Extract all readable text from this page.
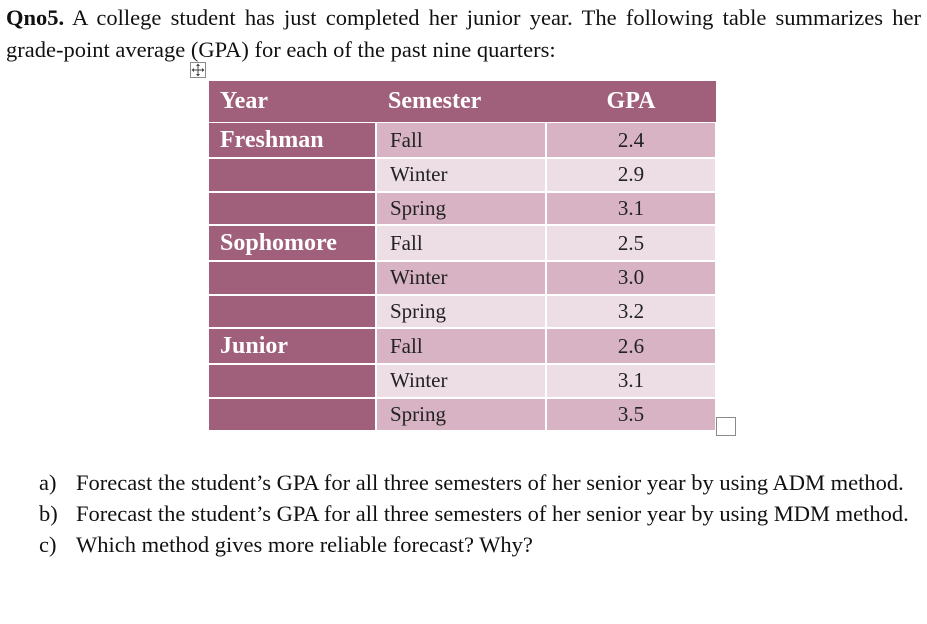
Qno5. A college student has just completed her junior year. The following table summarizes her grade-point average (GPA) for each of the past nine quarters:
Year	Semester	GPA
Freshman	Fall	2.4
	Winter	2.9
	Spring	3.1
Sophomore	Fall	2.5
	Winter	3.0
	Spring	3.2
Junior	Fall	2.6
	Winter	3.1
	Spring	3.5
a) Forecast the student’s GPA for all three semesters of her senior year by using ADM method.
b) Forecast the student’s GPA for all three semesters of her senior year by using MDM method.
c) Which method gives more reliable forecast? Why?
